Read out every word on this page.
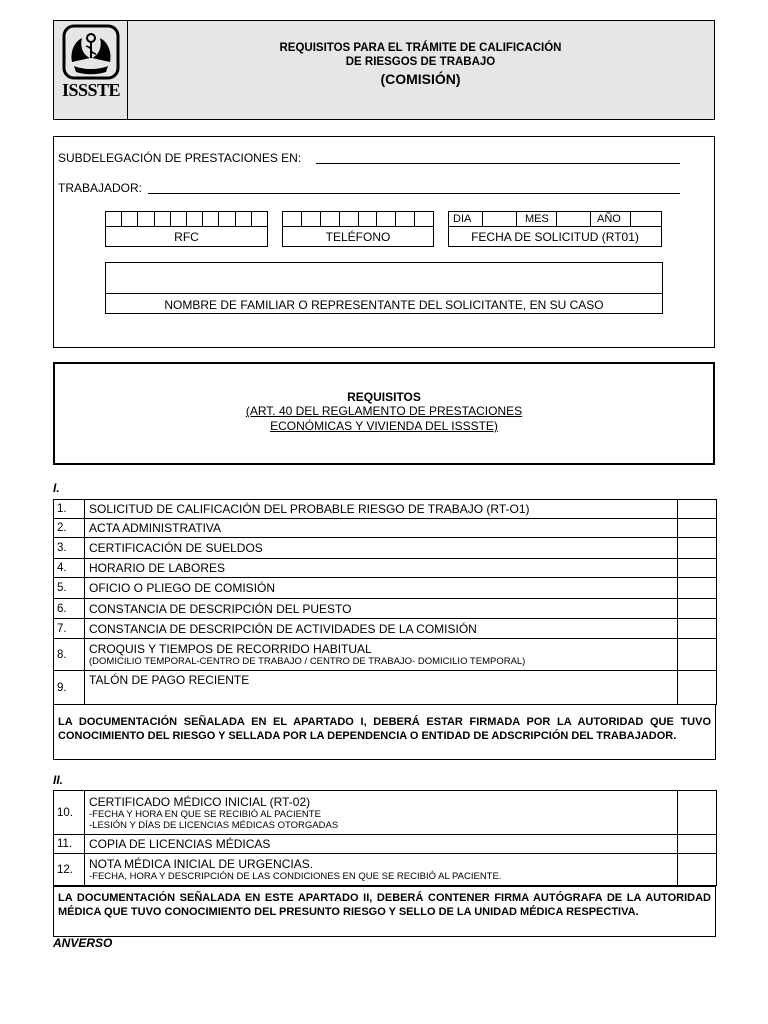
ISSSTE
REQUISITOS PARA EL TRÁMITE DE CALIFICACIÓN
DE RIESGOS DE TRABAJO
(COMISIÓN)
SUBDELEGACIÓN DE PRESTACIONES EN:
TRABAJADOR:
RFC	TELÉFONO
DIA	MES	AÑO
FECHA DE SOLICITUD (RT01)
NOMBRE DE FAMILIAR O REPRESENTANTE DEL SOLICITANTE, EN SU CASO
REQUISITOS
(ART. 40 DEL REGLAMENTO DE PRESTACIONES
ECONÓMICAS Y VIVIENDA DEL ISSSTE)
I.
1.	SOLICITUD DE CALIFICACIÓN DEL PROBABLE RIESGO DE TRABAJO (RT-O1)	
2.	ACTA ADMINISTRATIVA	
3.	CERTIFICACIÓN DE SUELDOS	
4.	HORARIO DE LABORES	
5.	OFICIO O PLIEGO DE COMISIÓN	
6.	CONSTANCIA DE DESCRIPCIÓN DEL PUESTO	
7.	CONSTANCIA DE DESCRIPCIÓN DE ACTIVIDADES DE LA COMISIÓN	
8.	CROQUIS Y TIEMPOS DE RECORRIDO HABITUAL
(DOMICILIO TEMPORAL-CENTRO DE TRABAJO / CENTRO DE TRABAJO- DOMICILIO TEMPORAL)	

9.	TALÓN DE PAGO RECIENTE	
LA DOCUMENTACIÓN SEÑALADA EN EL APARTADO I, DEBERÁ ESTAR FIRMADA POR LA AUTORIDAD QUE TUVO CONOCIMIENTO DEL RIESGO Y SELLADA POR LA DEPENDENCIA O ENTIDAD DE ADSCRIPCIÓN DEL TRABAJADOR.
II.
10.	CERTIFICADO MÉDICO INICIAL (RT-02)
-FECHA Y HORA EN QUE SE RECIBIÓ AL PACIENTE
-LESIÓN Y DÍAS DE LICENCIAS MÉDICAS OTORGADAS	

11.	COPIA DE LICENCIAS MÉDICAS	
12.	NOTA MÉDICA INICIAL DE URGENCIAS.
-FECHA, HORA Y DESCRIPCIÓN DE LAS CONDICIONES EN QUE SE RECIBIÓ AL PACIENTE.	

LA DOCUMENTACIÓN SEÑALADA EN ESTE APARTADO II, DEBERÁ CONTENER FIRMA AUTÓGRAFA DE LA AUTORIDAD MÉDICA QUE TUVO CONOCIMIENTO DEL PRESUNTO RIESGO Y SELLO DE LA UNIDAD MÉDICA RESPECTIVA.
ANVERSO
